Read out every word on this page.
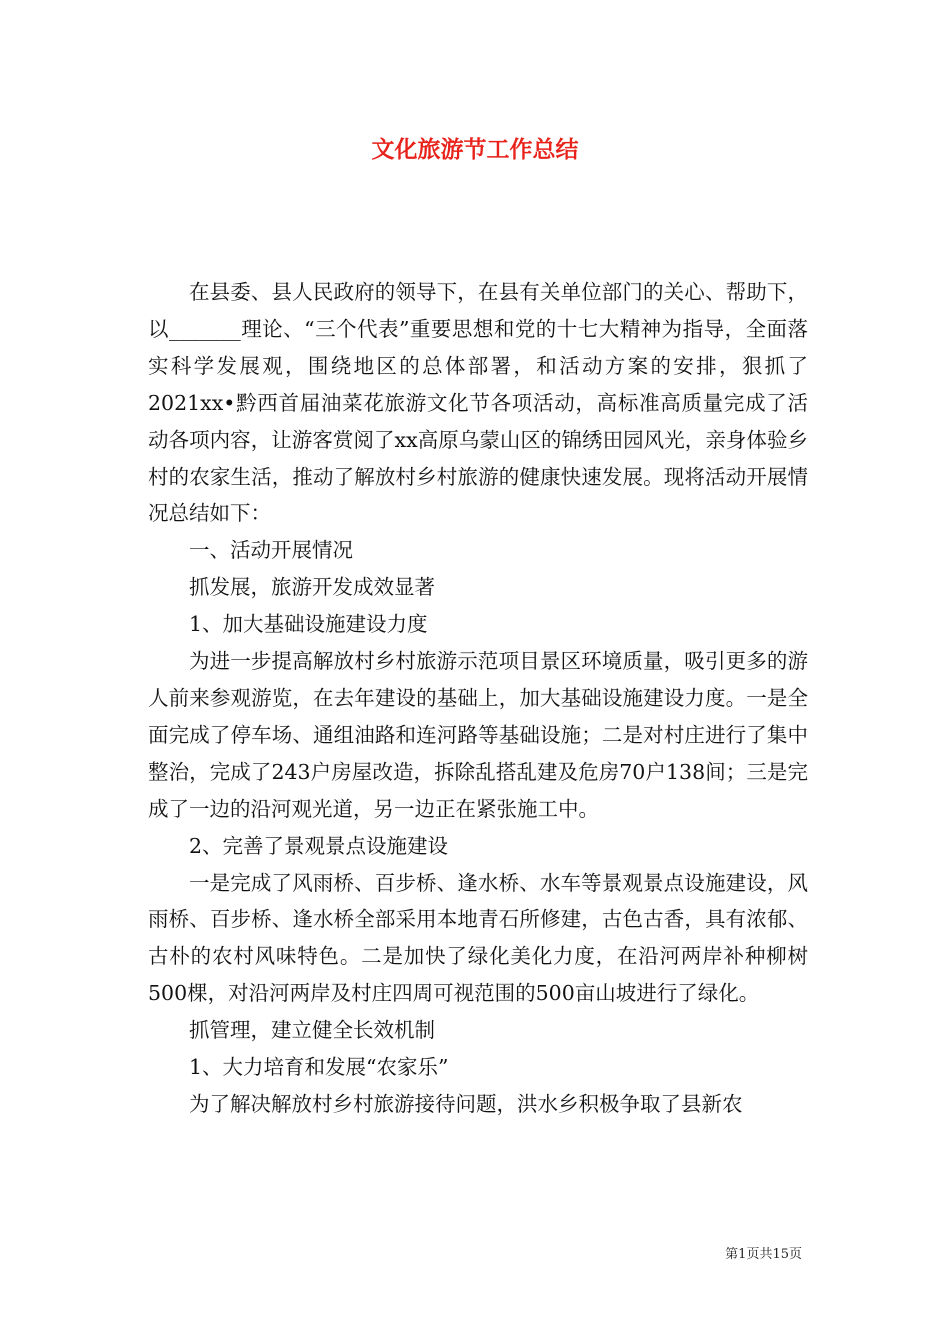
文化旅游节工作总结

在县委、县人民政府的领导下，在县有关单位部门的关心、帮助下，以_______理论、“三个代表”重要思想和党的十七大精神为指导，全面落实科学发展观，围绕地区的总体部署，和活动方案的安排，狠抓了2021xx•黔西首届油菜花旅游文化节各项活动，高标准高质量完成了活动各项内容，让游客赏阅了xx高原乌蒙山区的锦绣田园风光，亲身体验乡村的农家生活，推动了解放村乡村旅游的健康快速发展。现将活动开展情况总结如下：

一、活动开展情况

抓发展，旅游开发成效显著

1、加大基础设施建设力度

为进一步提高解放村乡村旅游示范项目景区环境质量，吸引更多的游人前来参观游览，在去年建设的基础上，加大基础设施建设力度。一是全面完成了停车场、通组油路和连河路等基础设施；二是对村庄进行了集中整治，完成了243户房屋改造，拆除乱搭乱建及危房70户138间；三是完成了一边的沿河观光道，另一边正在紧张施工中。

2、完善了景观景点设施建设

一是完成了风雨桥、百步桥、逢水桥、水车等景观景点设施建设，风雨桥、百步桥、逢水桥全部采用本地青石所修建，古色古香，具有浓郁、古朴的农村风味特色。二是加快了绿化美化力度，在沿河两岸补种柳树500棵，对沿河两岸及村庄四周可视范围的500亩山坡进行了绿化。

抓管理，建立健全长效机制

1、大力培育和发展“农家乐”

为了解决解放村乡村旅游接待问题，洪水乡积极争取了县新农

第1页共15页
